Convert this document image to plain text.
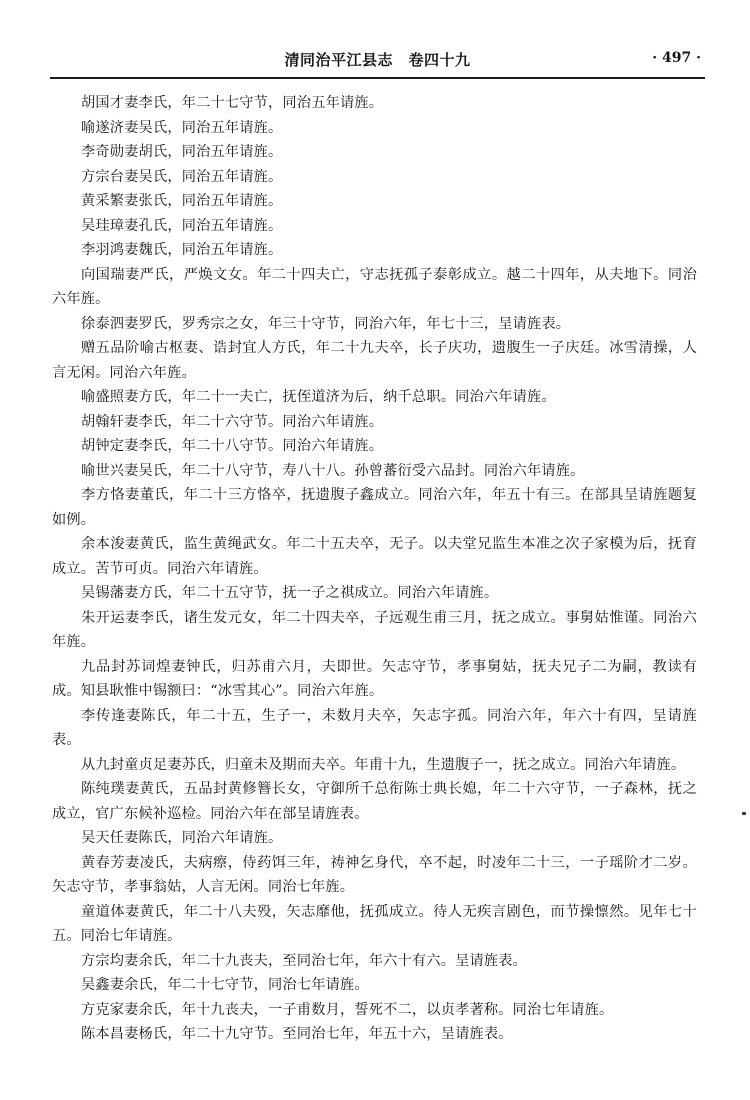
清同治平江县志　卷四十九	· 497 ·

胡国才妻李氏，年二十七守节，同治五年请旌。

喻遂济妻吴氏，同治五年请旌。

李奇勋妻胡氏，同治五年请旌。

方宗台妻吴氏，同治五年请旌。

黄采繁妻张氏，同治五年请旌。

吴珪璋妻孔氏，同治五年请旌。

李羽鸿妻魏氏，同治五年请旌。

向国瑞妻严氏，严焕文女。年二十四夫亡，守志抚孤子泰彰成立。越二十四年，从夫地下。同治六年旌。

徐泰泗妻罗氏，罗秀宗之女，年三十守节，同治六年，年七十三，呈请旌表。

赠五品阶喻古枢妻、诰封宜人方氏，年二十九夫卒，长子庆功，遗腹生一子庆廷。冰雪清操，人言无闲。同治六年旌。

喻盛照妻方氏，年二十一夫亡，抚侄道济为后，纳千总职。同治六年请旌。

胡翰轩妻李氏，年二十六守节。同治六年请旌。

胡钟定妻李氏，年二十八守节。同治六年请旌。

喻世兴妻吴氏，年二十八守节，寿八十八。孙曾蕃衍受六品封。同治六年请旌。

李方恪妻董氏，年二十三方恪卒，抚遗腹子鑫成立。同治六年，年五十有三。在部具呈请旌题复如例。

余本浚妻黄氏，监生黄绳武女。年二十五夫卒，无子。以夫堂兄监生本准之次子家模为后，抚育成立。苦节可贞。同治六年请旌。

吴锡藩妻方氏，年二十五守节，抚一子之祺成立。同治六年请旌。

朱开运妻李氏，诸生发元女，年二十四夫卒，子远观生甫三月，抚之成立。事舅姑惟谨。同治六年旌。

九品封苏词煌妻钟氏，归苏甫六月，夫即世。矢志守节，孝事舅姑，抚夫兄子二为嗣，教读有成。知县耿惟中锡额曰：“冰雪其心”。同治六年旌。

李传逢妻陈氏，年二十五，生子一，未数月夫卒，矢志字孤。同治六年，年六十有四，呈请旌表。

从九封童贞足妻苏氏，归童未及期而夫卒。年甫十九，生遗腹子一，抚之成立。同治六年请旌。

陈纯璞妻黄氏，五品封黄修簪长女，守御所千总衔陈士典长媳，年二十六守节，一子森林，抚之成立，官广东候补巡检。同治六年在部呈请旌表。

吴天任妻陈氏，同治六年请旌。

黄春芳妻凌氏，夫病瘵，侍药饵三年，祷神乞身代，卒不起，时凌年二十三，一子瑶阶才二岁。矢志守节，孝事翁姑，人言无闲。同治七年旌。

童道体妻黄氏，年二十八夫殁，矢志靡他，抚孤成立。待人无疾言剧色，而节操懔然。见年七十五。同治七年请旌。

方宗均妻余氏，年二十九丧夫，至同治七年，年六十有六。呈请旌表。

吴鑫妻余氏，年二十七守节，同治七年请旌。

方克家妻余氏，年十九丧夫，一子甫数月，誓死不二，以贞孝著称。同治七年请旌。

陈本昌妻杨氏，年二十九守节。至同治七年，年五十六，呈请旌表。
